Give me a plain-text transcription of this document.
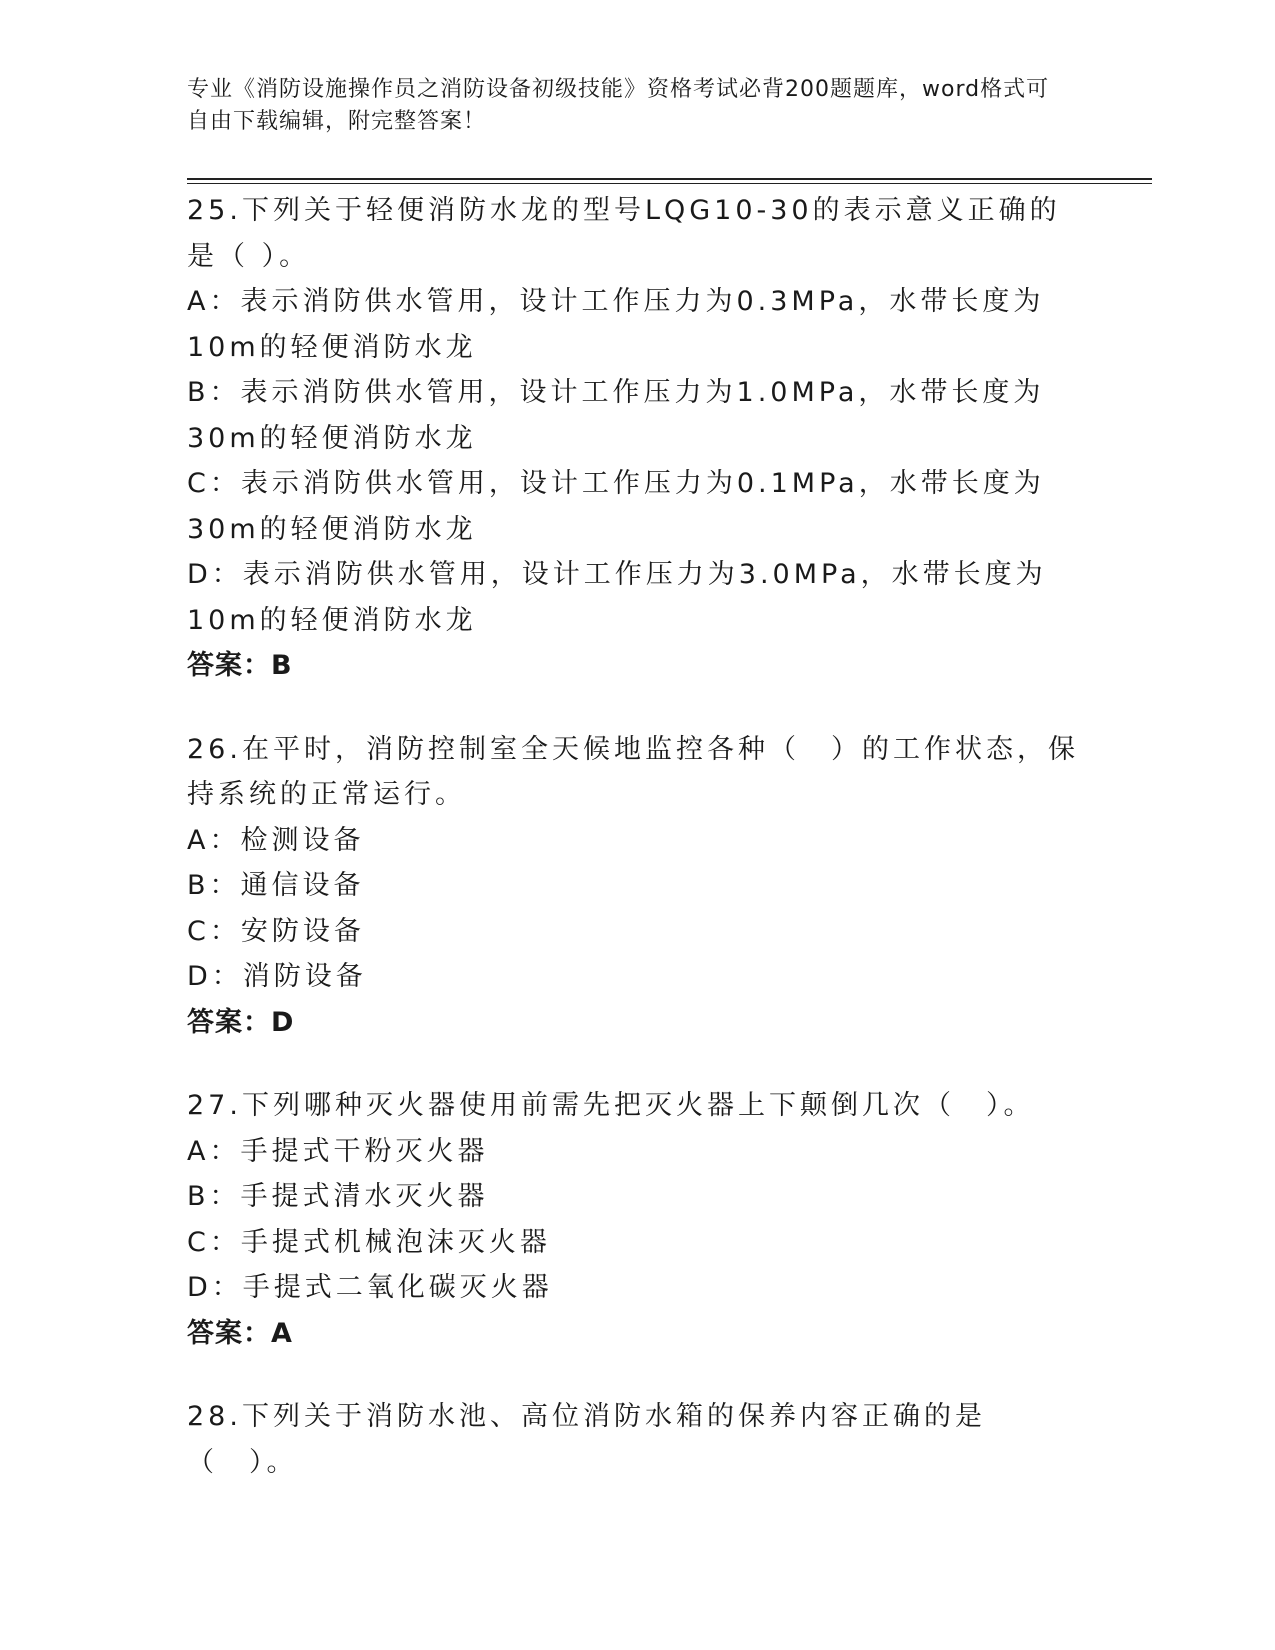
专业《消防设施操作员之消防设备初级技能》资格考试必背200题题库，word格式可自由下载编辑，附完整答案！
25.下列关于轻便消防水龙的型号LQG10-30的表示意义正确的是（ ）。
A：表示消防供水管用，设计工作压力为0.3MPa，水带长度为10m的轻便消防水龙
B：表示消防供水管用，设计工作压力为1.0MPa，水带长度为30m的轻便消防水龙
C：表示消防供水管用，设计工作压力为0.1MPa，水带长度为30m的轻便消防水龙
D：表示消防供水管用，设计工作压力为3.0MPa，水带长度为10m的轻便消防水龙
答案：B
26.在平时，消防控制室全天候地监控各种（　）的工作状态，保持系统的正常运行。
A：检测设备
B：通信设备
C：安防设备
D：消防设备
答案：D
27.下列哪种灭火器使用前需先把灭火器上下颠倒几次（　）。
A：手提式干粉灭火器
B：手提式清水灭火器
C：手提式机械泡沫灭火器
D：手提式二氧化碳灭火器
答案：A
28.下列关于消防水池、高位消防水箱的保养内容正确的是（　）。
